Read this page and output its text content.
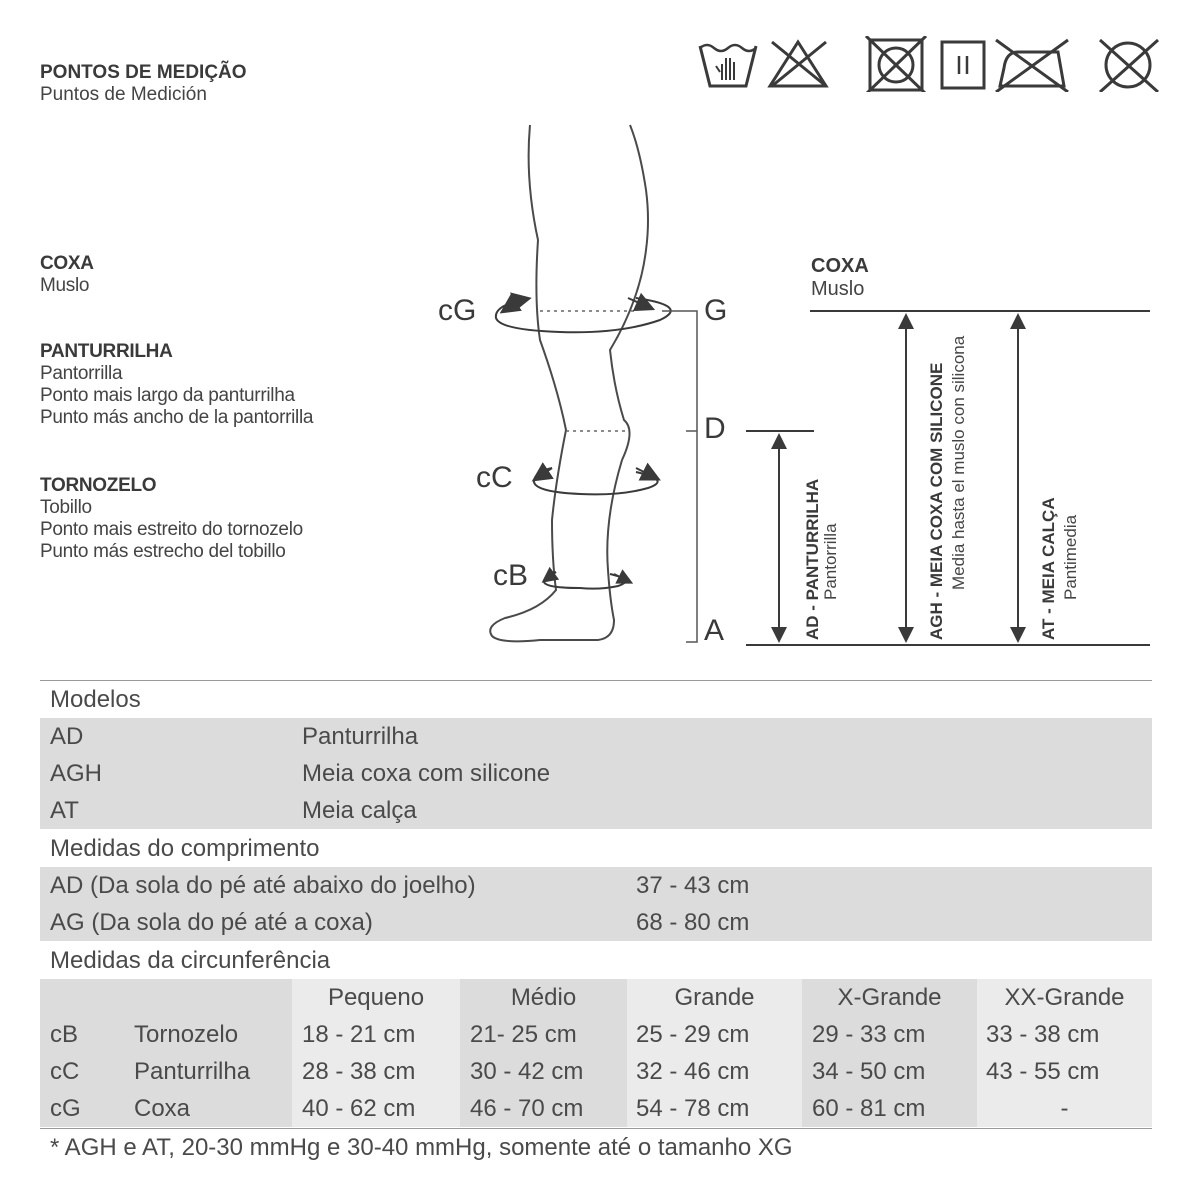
PONTOS DE MEDIÇÃO
Puntos de Medición
COXA
Muslo
PANTURRILHA
Pantorrilla
Ponto mais largo da panturrilha
Punto más ancho de la pantorrilla
TORNOZELO
Tobillo
Ponto mais estreito do tornozelo
Punto más estrecho del tobillo
cG
cC
cB
G
D
A
COXA
Muslo
AD - PANTURRILHA Pantorrilla	AGH - MEIA COXA COM SILICONE Media hasta el muslo con silicona	AT - MEIA CALÇA Pantimedia
Modelos
AD	Panturrilha
AGH	Meia coxa com silicone
AT	Meia calça
Medidas do comprimento
AD (Da sola do pé até abaixo do joelho)	37 - 43 cm
AG (Da sola do pé até a coxa)	68 - 80 cm
Medidas da circunferência
Pequeno	Médio	Grande	X-Grande	XX-Grande
cB Tornozelo	18 - 21 cm 21- 25 cm 25 - 29 cm	29 - 33 cm	33 - 38 cm
cC Panturrilha 28 - 38 cm 30 - 42 cm 32 - 46 cm	34 - 50 cm	43 - 55 cm
cG Coxa	40 - 62 cm 46 - 70 cm 54 - 78 cm	60 - 81 cm	-
* AGH e AT, 20-30 mmHg e 30-40 mmHg, somente até o tamanho XG
